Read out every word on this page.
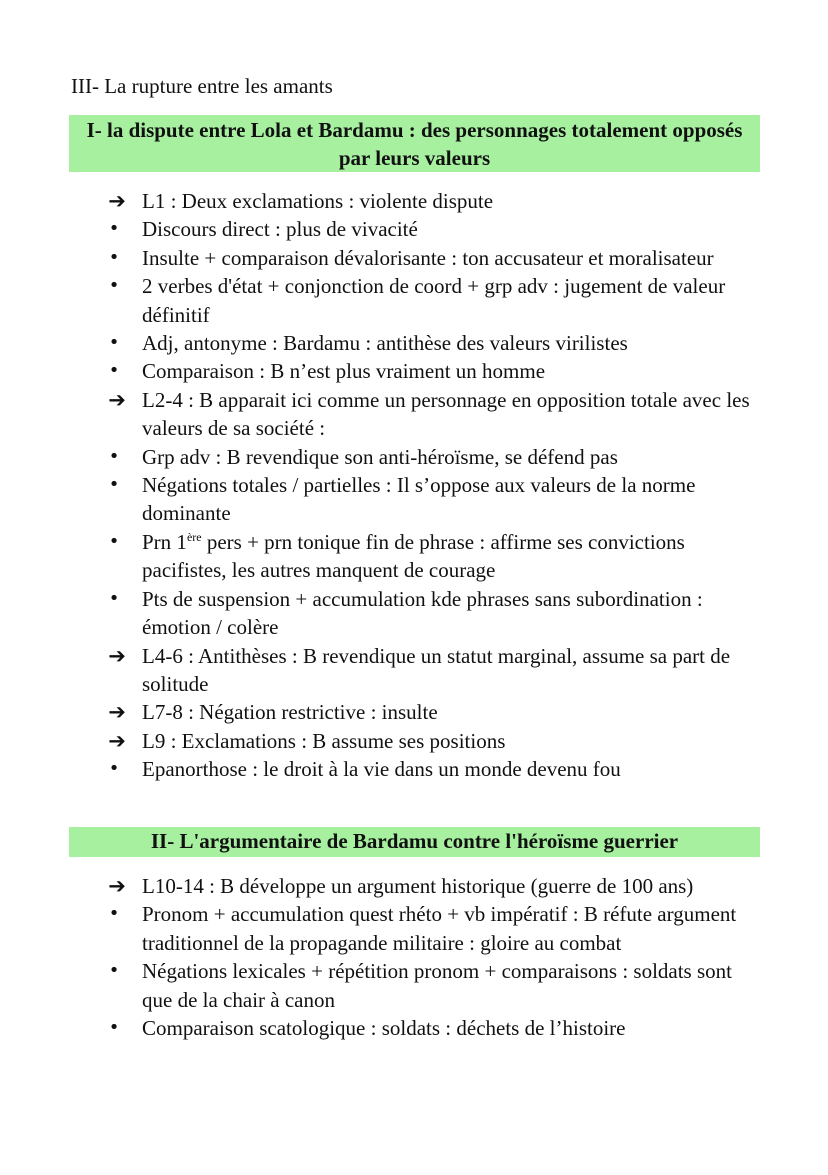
III- La rupture entre les amants
I- la dispute entre Lola et Bardamu : des personnages totalement opposés par leurs valeurs
➔ L1 : Deux exclamations : violente dispute
• Discours direct : plus de vivacité
• Insulte + comparaison dévalorisante : ton accusateur et moralisateur
• 2 verbes d'état + conjonction de coord + grp adv : jugement de valeur définitif
• Adj, antonyme : Bardamu : antithèse des valeurs virilistes
• Comparaison : B n’est plus vraiment un homme
➔ L2-4 : B apparait ici comme un personnage en opposition totale avec les valeurs de sa société :
• Grp adv : B revendique son anti-héroïsme, se défend pas
• Négations totales / partielles : Il s’oppose aux valeurs de la norme dominante
• Prn 1ère pers + prn tonique fin de phrase : affirme ses convictions pacifistes, les autres manquent de courage
• Pts de suspension + accumulation kde phrases sans subordination : émotion / colère
➔ L4-6 : Antithèses : B revendique un statut marginal, assume sa part de solitude
➔ L7-8 : Négation restrictive : insulte
➔ L9 : Exclamations : B assume ses positions
• Epanorthose : le droit à la vie dans un monde devenu fou
II- L'argumentaire de Bardamu contre l'héroïsme guerrier
➔ L10-14 : B développe un argument historique (guerre de 100 ans)
• Pronom + accumulation quest rhéto + vb impératif : B réfute argument traditionnel de la propagande militaire : gloire au combat
• Négations lexicales + répétition pronom + comparaisons : soldats sont que de la chair à canon
• Comparaison scatologique : soldats : déchets de l’histoire
